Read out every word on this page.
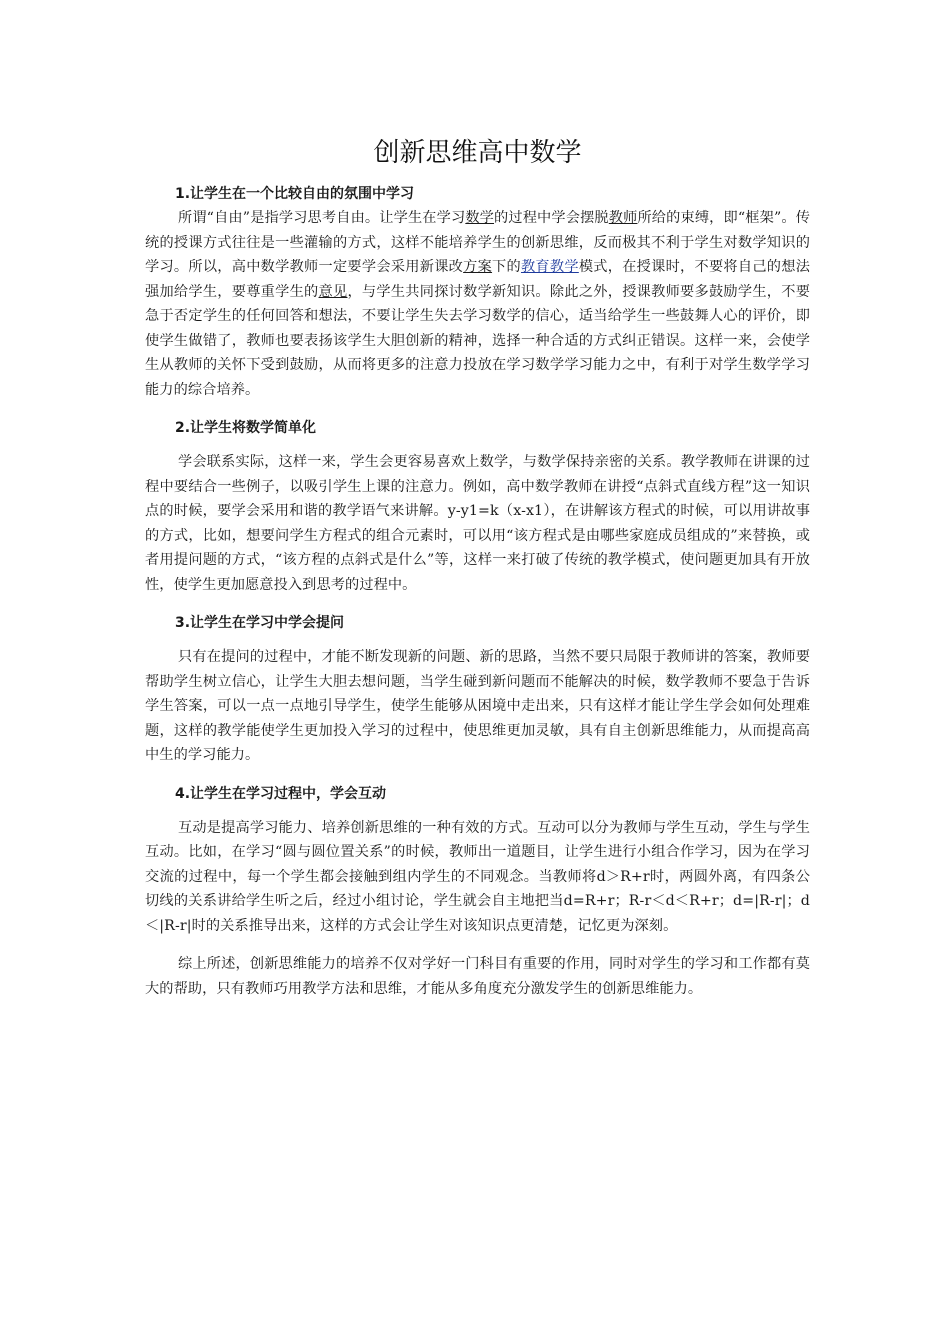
创新思维高中数学
1.让学生在一个比较自由的氛围中学习

所谓“自由”是指学习思考自由。让学生在学习数学的过程中学会摆脱教师所给的束缚，即“框架”。传统的授课方式往往是一些灌输的方式，这样不能培养学生的创新思维，反而极其不利于学生对数学知识的学习。所以，高中数学教师一定要学会采用新课改方案下的教育教学模式，在授课时，不要将自己的想法强加给学生，要尊重学生的意见，与学生共同探讨数学新知识。除此之外，授课教师要多鼓励学生，不要急于否定学生的任何回答和想法，不要让学生失去学习数学的信心，适当给学生一些鼓舞人心的评价，即使学生做错了，教师也要表扬该学生大胆创新的精神，选择一种合适的方式纠正错误。这样一来，会使学生从教师的关怀下受到鼓励，从而将更多的注意力投放在学习数学学习能力之中，有利于对学生数学学习能力的综合培养。

2.让学生将数学简单化

学会联系实际，这样一来，学生会更容易喜欢上数学，与数学保持亲密的关系。教学教师在讲课的过程中要结合一些例子，以吸引学生上课的注意力。例如，高中数学教师在讲授“点斜式直线方程”这一知识点的时候，要学会采用和谐的教学语气来讲解。y-y1=k（x-x1），在讲解该方程式的时候，可以用讲故事的方式，比如，想要问学生方程式的组合元素时，可以用“该方程式是由哪些家庭成员组成的”来替换，或者用提问题的方式，“该方程的点斜式是什么”等，这样一来打破了传统的教学模式，使问题更加具有开放性，使学生更加愿意投入到思考的过程中。

3.让学生在学习中学会提问

只有在提问的过程中，才能不断发现新的问题、新的思路，当然不要只局限于教师讲的答案，教师要帮助学生树立信心，让学生大胆去想问题，当学生碰到新问题而不能解决的时候，数学教师不要急于告诉学生答案，可以一点一点地引导学生，使学生能够从困境中走出来，只有这样才能让学生学会如何处理难题，这样的教学能使学生更加投入学习的过程中，使思维更加灵敏，具有自主创新思维能力，从而提高高中生的学习能力。

4.让学生在学习过程中，学会互动

互动是提高学习能力、培养创新思维的一种有效的方式。互动可以分为教师与学生互动，学生与学生互动。比如，在学习“圆与圆位置关系”的时候，教师出一道题目，让学生进行小组合作学习，因为在学习交流的过程中，每一个学生都会接触到组内学生的不同观念。当教师将d＞R+r时，两圆外离，有四条公切线的关系讲给学生听之后，经过小组讨论，学生就会自主地把当d=R+r；R-r＜d＜R+r；d=|R-r|；d＜|R-r|时的关系推导出来，这样的方式会让学生对该知识点更清楚，记忆更为深刻。

综上所述，创新思维能力的培养不仅对学好一门科目有重要的作用，同时对学生的学习和工作都有莫大的帮助，只有教师巧用教学方法和思维，才能从多角度充分激发学生的创新思维能力。
